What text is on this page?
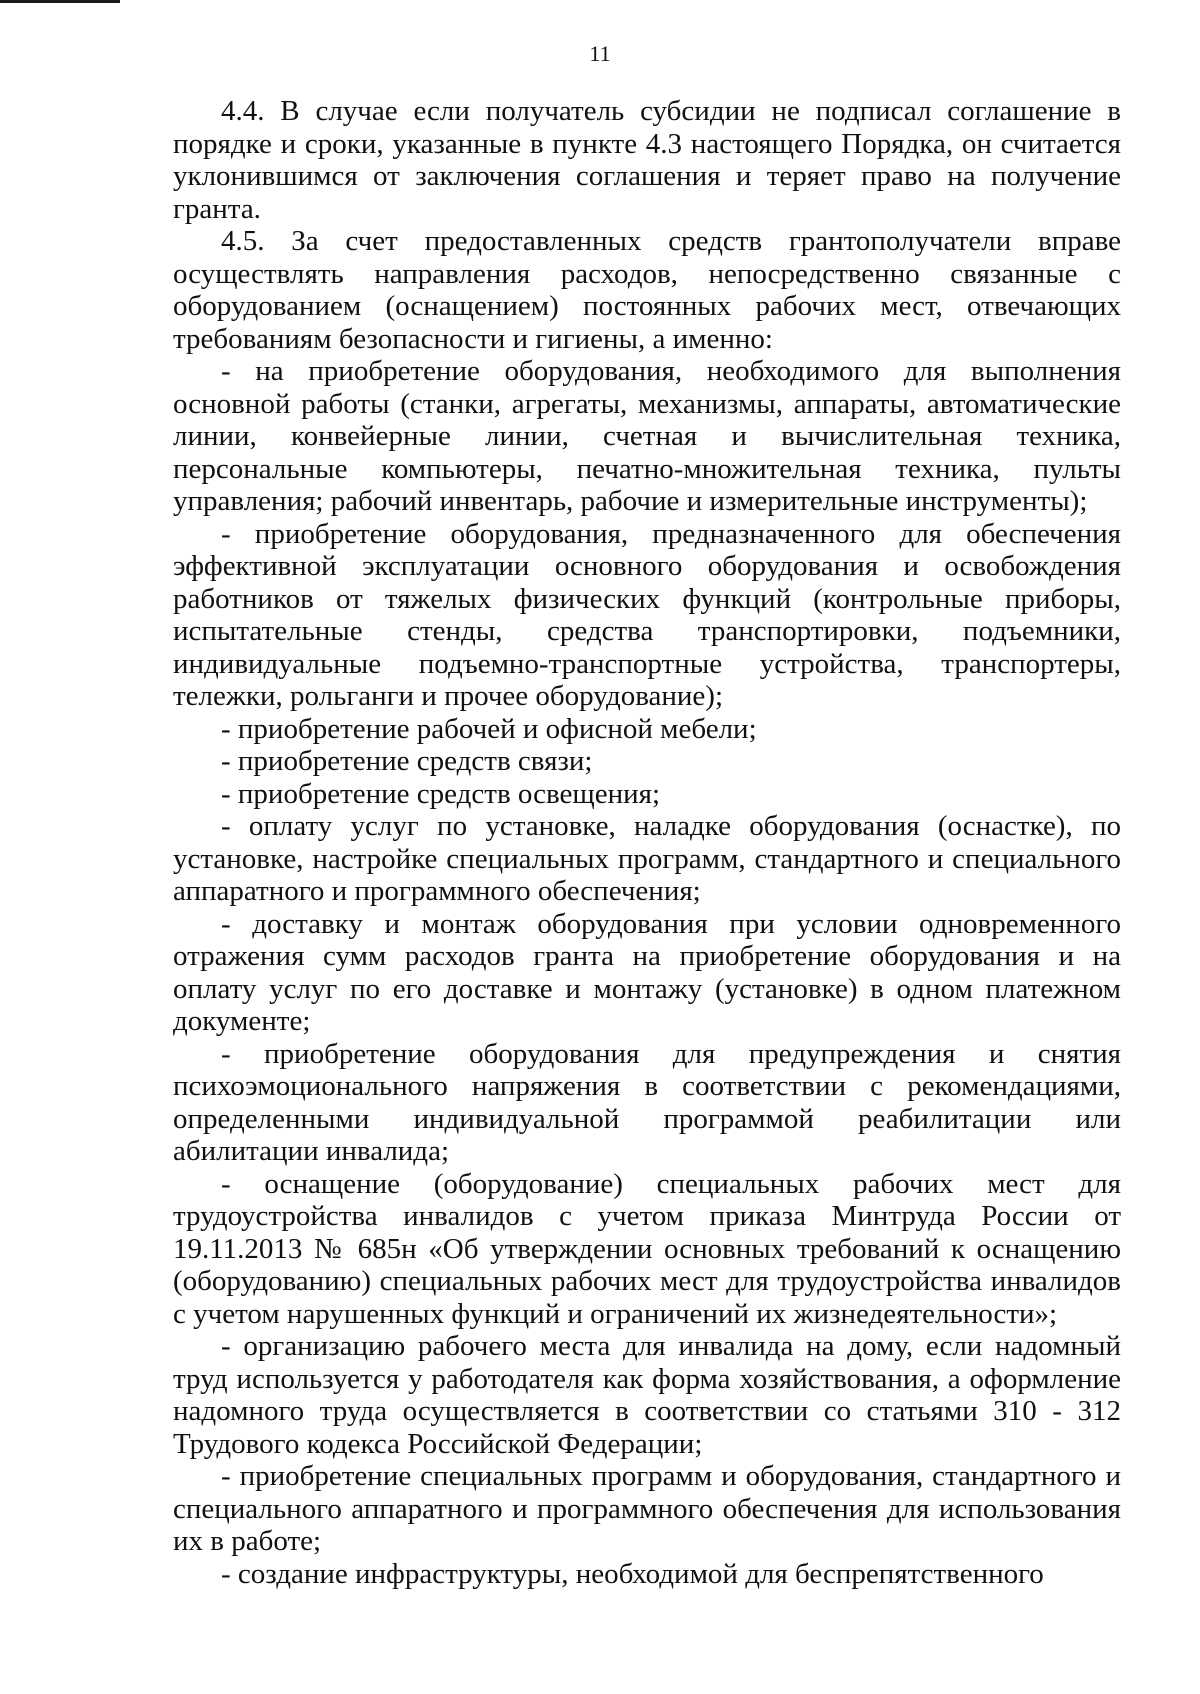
11

4.4. В случае если получатель субсидии не подписал соглашение в порядке и сроки, указанные в пункте 4.3 настоящего Порядка, он считается уклонившимся от заключения соглашения и теряет право на получение гранта.

4.5. За счет предоставленных средств грантополучатели вправе осуществлять направления расходов, непосредственно связанные с оборудованием (оснащением) постоянных рабочих мест, отвечающих требованиям безопасности и гигиены, а именно:

- на приобретение оборудования, необходимого для выполнения основной работы (станки, агрегаты, механизмы, аппараты, автоматические линии, конвейерные линии, счетная и вычислительная техника, персональные компьютеры, печатно-множительная техника, пульты управления; рабочий инвентарь, рабочие и измерительные инструменты);

- приобретение оборудования, предназначенного для обеспечения эффективной эксплуатации основного оборудования и освобождения работников от тяжелых физических функций (контрольные приборы, испытательные стенды, средства транспортировки, подъемники, индивидуальные подъемно-транспортные устройства, транспортеры, тележки, рольганги и прочее оборудование);

- приобретение рабочей и офисной мебели;

- приобретение средств связи;

- приобретение средств освещения;

- оплату услуг по установке, наладке оборудования (оснастке), по установке, настройке специальных программ, стандартного и специального аппаратного и программного обеспечения;

- доставку и монтаж оборудования при условии одновременного отражения сумм расходов гранта на приобретение оборудования и на оплату услуг по его доставке и монтажу (установке) в одном платежном документе;

- приобретение оборудования для предупреждения и снятия психоэмоционального напряжения в соответствии с рекомендациями, определенными индивидуальной программой реабилитации или абилитации инвалида;

- оснащение (оборудование) специальных рабочих мест для трудоустройства инвалидов с учетом приказа Минтруда России от 19.11.2013 № 685н «Об утверждении основных требований к оснащению (оборудованию) специальных рабочих мест для трудоустройства инвалидов с учетом нарушенных функций и ограничений их жизнедеятельности»;

- организацию рабочего места для инвалида на дому, если надомный труд используется у работодателя как форма хозяйствования, а оформление надомного труда осуществляется в соответствии со статьями 310 - 312 Трудового кодекса Российской Федерации;

- приобретение специальных программ и оборудования, стандартного и специального аппаратного и программного обеспечения для использования их в работе;

- создание инфраструктуры, необходимой для беспрепятственного
